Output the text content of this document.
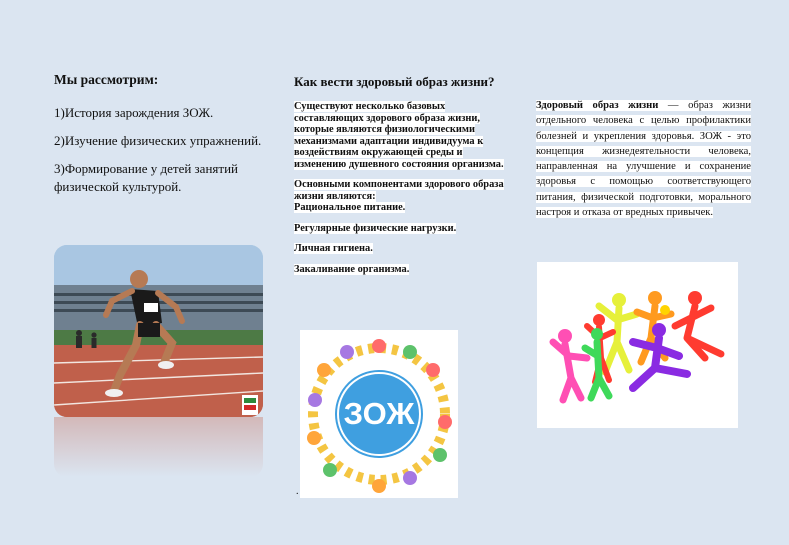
Мы рассмотрим:

1)История зарождения ЗОЖ.

2)Изучение физических упражнений.

3)Формирование у детей занятий физической культурой.

Как вести здоровый образ жизни?

Существуют несколько базовых составляющих здорового образа жизни, которые являются физиологическими механизмами адаптации индивидуума к воздействиям окружающей среды и изменению душевного состояния организма.

Основными компонентами здорового образа жизни являются:
Рациональное питание.

Регулярные физические нагрузки.

Личная гигиена.

Закаливание организма.

ЗОЖ
.

Здоровый образ жизни — образ жизни отдельного человека с целью профилактики болезней и укрепления здоровья. ЗОЖ - это концепция жизнедеятельности человека, направленная на улучшение и сохранение здоровья с помощью соответствующего питания, физической подготовки, морального настроя и отказа от вредных привычек.
